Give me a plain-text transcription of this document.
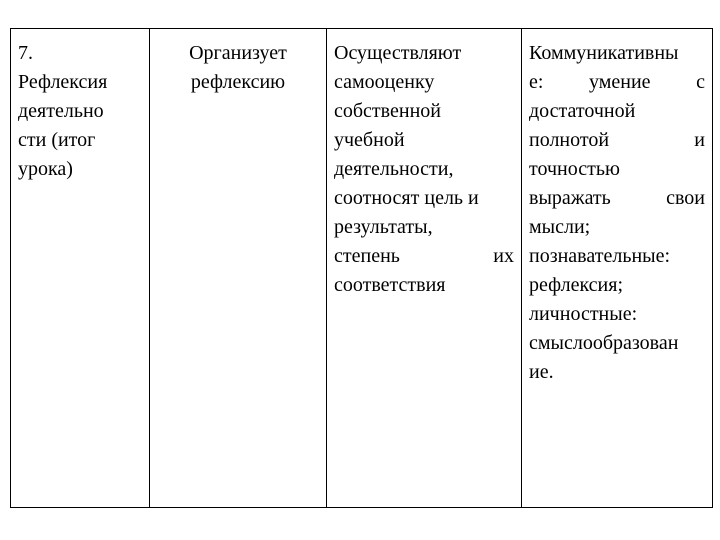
7.
Рефлексия
деятельно
сти (итог
урока)

Организует
рефлексию

Осуществляют
самооценку
собственной
учебной
деятельности,
соотносят цель и
результаты,
степень	их
соответствия

Коммуникативны
е: умение с
достаточной
полнотой	и
точностью
выражать	свои
мысли;
познавательные:
рефлексия;
личностные:
смыслообразован
ие.
